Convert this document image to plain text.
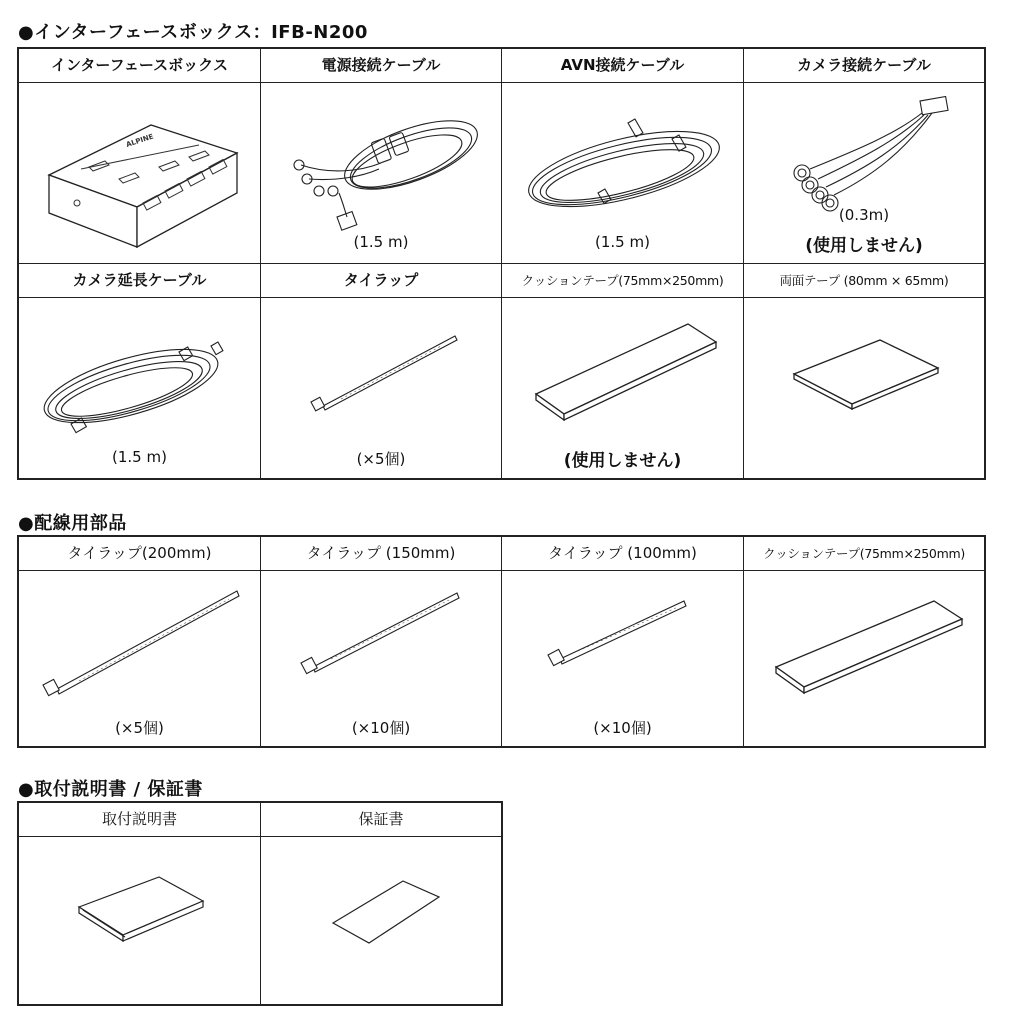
●インターフェースボックス：IFB-N200
インターフェースボックス	電源接続ケーブル	AVN接続ケーブル	カメラ接続ケーブル

ALPINE	(1.5 m)	(1.5 m)	(0.3m)
(使用しません)

カメラ延長ケーブル	タイラップ	クッションテープ(75mm×250mm)	両面テープ (80mm × 65mm)

(1.5 m)	(×5個)	(使用しません)

●配線用部品
タイラップ(200mm)	タイラップ (150mm)	タイラップ (100mm)	クッションテープ(75mm×250mm)

(×5個)	(×10個)	(×10個)

●取付説明書 / 保証書
取付説明書	保証書
